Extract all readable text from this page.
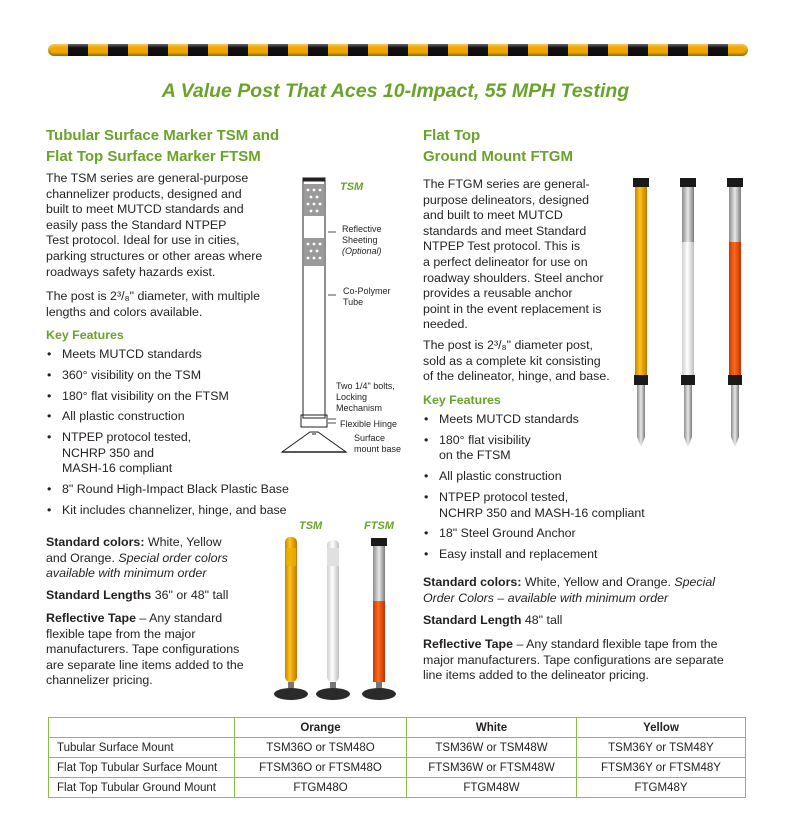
A Value Post That Aces 10-Impact, 55 MPH Testing
Tubular Surface Marker TSM and
Flat Top Surface Marker FTSM
The TSM series are general-purpose
channelizer products, designed and
built to meet MUTCD standards and
easily pass the Standard NTPEP
Test protocol. Ideal for use in cities,
parking structures or other areas where
roadways safety hazards exist.
The post is 2³/₈" diameter, with multiple
lengths and colors available.
Key Features
• Meets MUTCD standards
• 360° visibility on the TSM
• 180° flat visibility on the FTSM
• All plastic construction
• NTPEP protocol tested,
NCHRP 350 and
MASH-16 compliant
• 8" Round High-Impact Black Plastic Base
• Kit includes channelizer, hinge, and base
Standard colors: White, Yellow
and Orange. Special order colors
available with minimum order
Standard Lengths 36" or 48" tall
Reflective Tape – Any standard
flexible tape from the major
manufacturers. Tape configurations
are separate line items added to the
channelizer pricing.
TSM
Reflective
Sheeting
(Optional)
Co-Polymer
Tube
Two 1/4" bolts,
Locking
Mechanism
Flexible Hinge
Surface
mount base
TSM	FTSM
Flat Top
Ground Mount FTGM
The FTGM series are general-
purpose delineators, designed
and built to meet MUTCD
standards and meet Standard
NTPEP Test protocol. This is
a perfect delineator for use on
roadway shoulders. Steel anchor
provides a reusable anchor
point in the event replacement is
needed.
The post is 2³/₈" diameter post,
sold as a complete kit consisting
of the delineator, hinge, and base.
Key Features
• Meets MUTCD standards
• 180° flat visibility
on the FTSM
• All plastic construction
• NTPEP protocol tested,
NCHRP 350 and MASH-16 compliant
• 18" Steel Ground Anchor
• Easy install and replacement
Standard colors: White, Yellow and Orange. Special
Order Colors – available with minimum order
Standard Length 48" tall
Reflective Tape – Any standard flexible tape from the
major manufacturers. Tape configurations are separate
line items added to the delineator pricing.
	Orange	White	Yellow
Tubular Surface Mount	TSM36O or TSM48O	TSM36W or TSM48W	TSM36Y or TSM48Y
Flat Top Tubular Surface Mount	FTSM36O or FTSM48O	FTSM36W or FTSM48W	FTSM36Y or FTSM48Y
Flat Top Tubular Ground Mount	FTGM48O	FTGM48W	FTGM48Y
